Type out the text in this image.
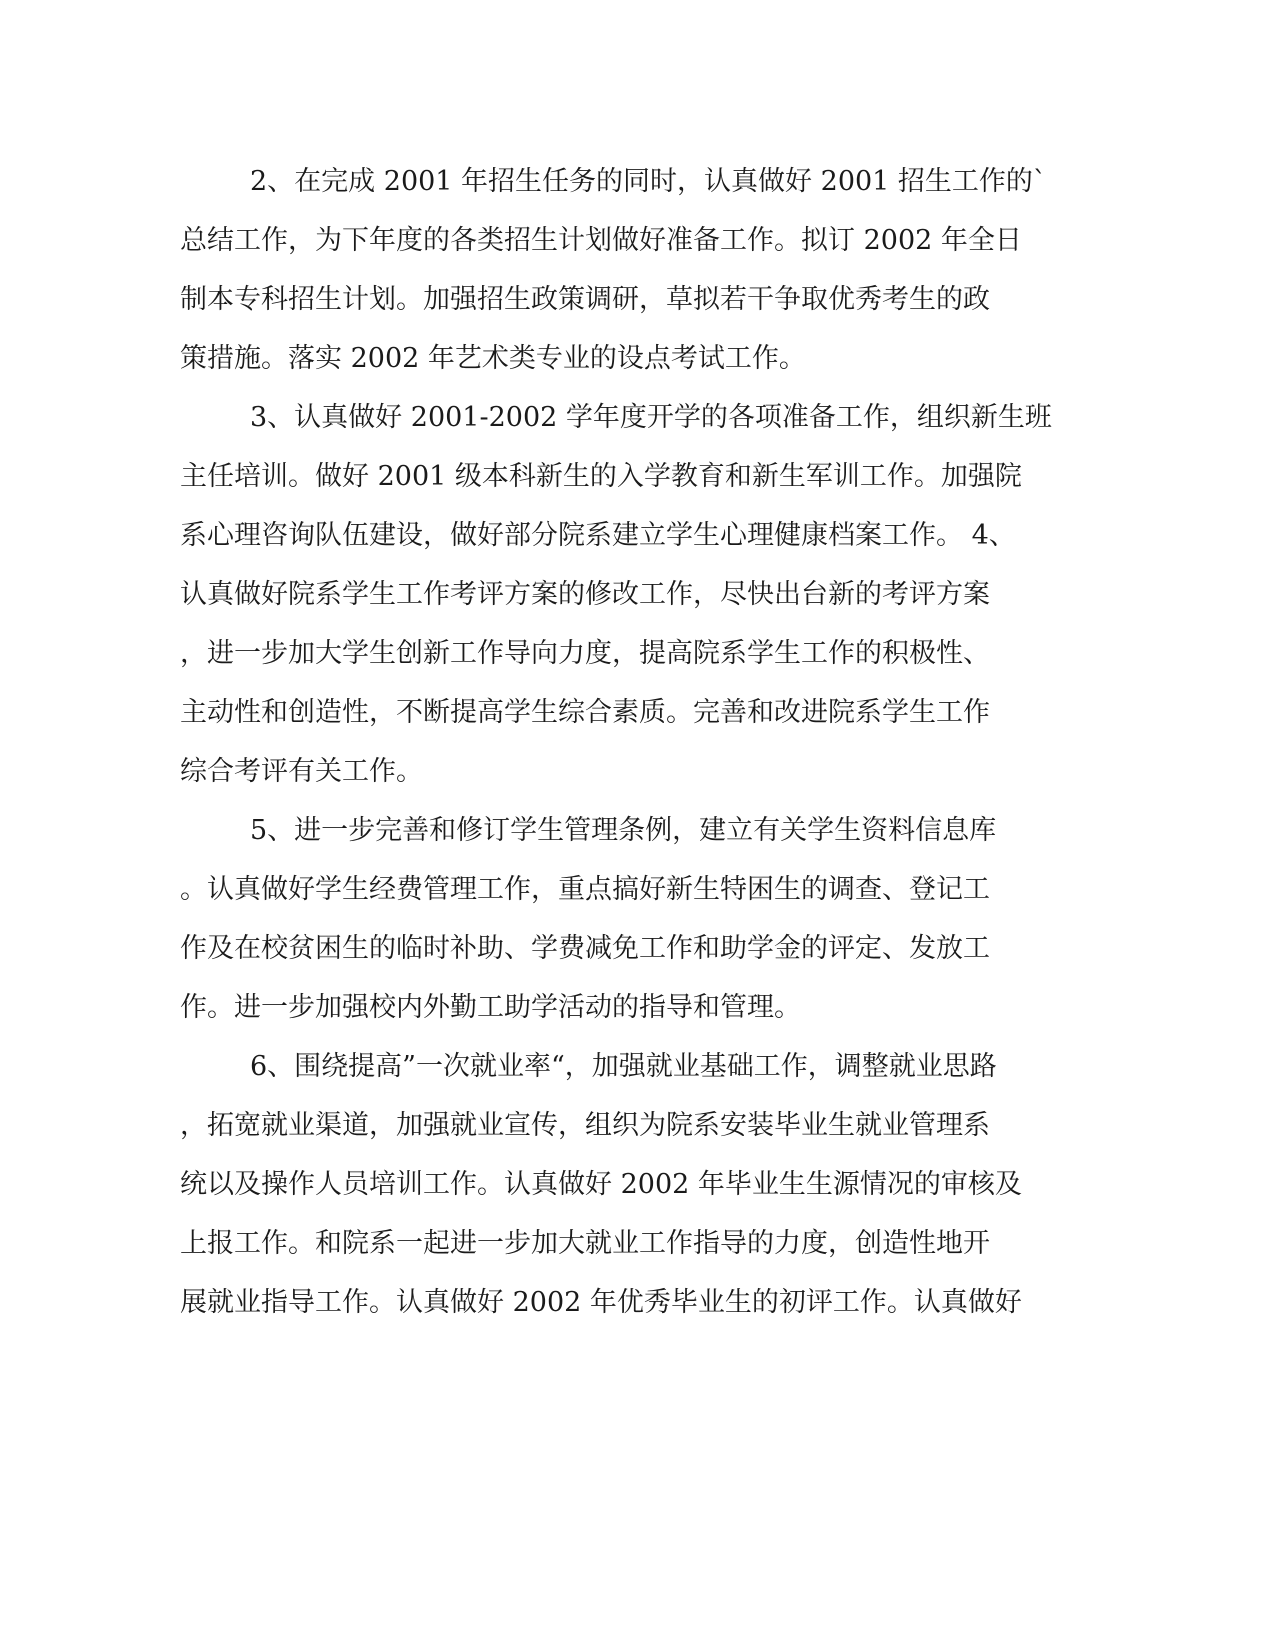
2、在完成 2001 年招生任务的同时，认真做好 2001 招生工作的`
总结工作，为下年度的各类招生计划做好准备工作。拟订 2002 年全日
制本专科招生计划。加强招生政策调研，草拟若干争取优秀考生的政
策措施。落实 2002 年艺术类专业的设点考试工作。
3、认真做好 2001-2002 学年度开学的各项准备工作，组织新生班
主任培训。做好 2001 级本科新生的入学教育和新生军训工作。加强院
系心理咨询队伍建设，做好部分院系建立学生心理健康档案工作。 4、
认真做好院系学生工作考评方案的修改工作，尽快出台新的考评方案
，进一步加大学生创新工作导向力度，提高院系学生工作的积极性、
主动性和创造性，不断提高学生综合素质。完善和改进院系学生工作
综合考评有关工作。
5、进一步完善和修订学生管理条例，建立有关学生资料信息库
。认真做好学生经费管理工作，重点搞好新生特困生的调查、登记工
作及在校贫困生的临时补助、学费减免工作和助学金的评定、发放工
作。进一步加强校内外勤工助学活动的指导和管理。
6、围绕提高”一次就业率“，加强就业基础工作，调整就业思路
，拓宽就业渠道，加强就业宣传，组织为院系安装毕业生就业管理系
统以及操作人员培训工作。认真做好 2002 年毕业生生源情况的审核及
上报工作。和院系一起进一步加大就业工作指导的力度，创造性地开
展就业指导工作。认真做好 2002 年优秀毕业生的初评工作。认真做好
